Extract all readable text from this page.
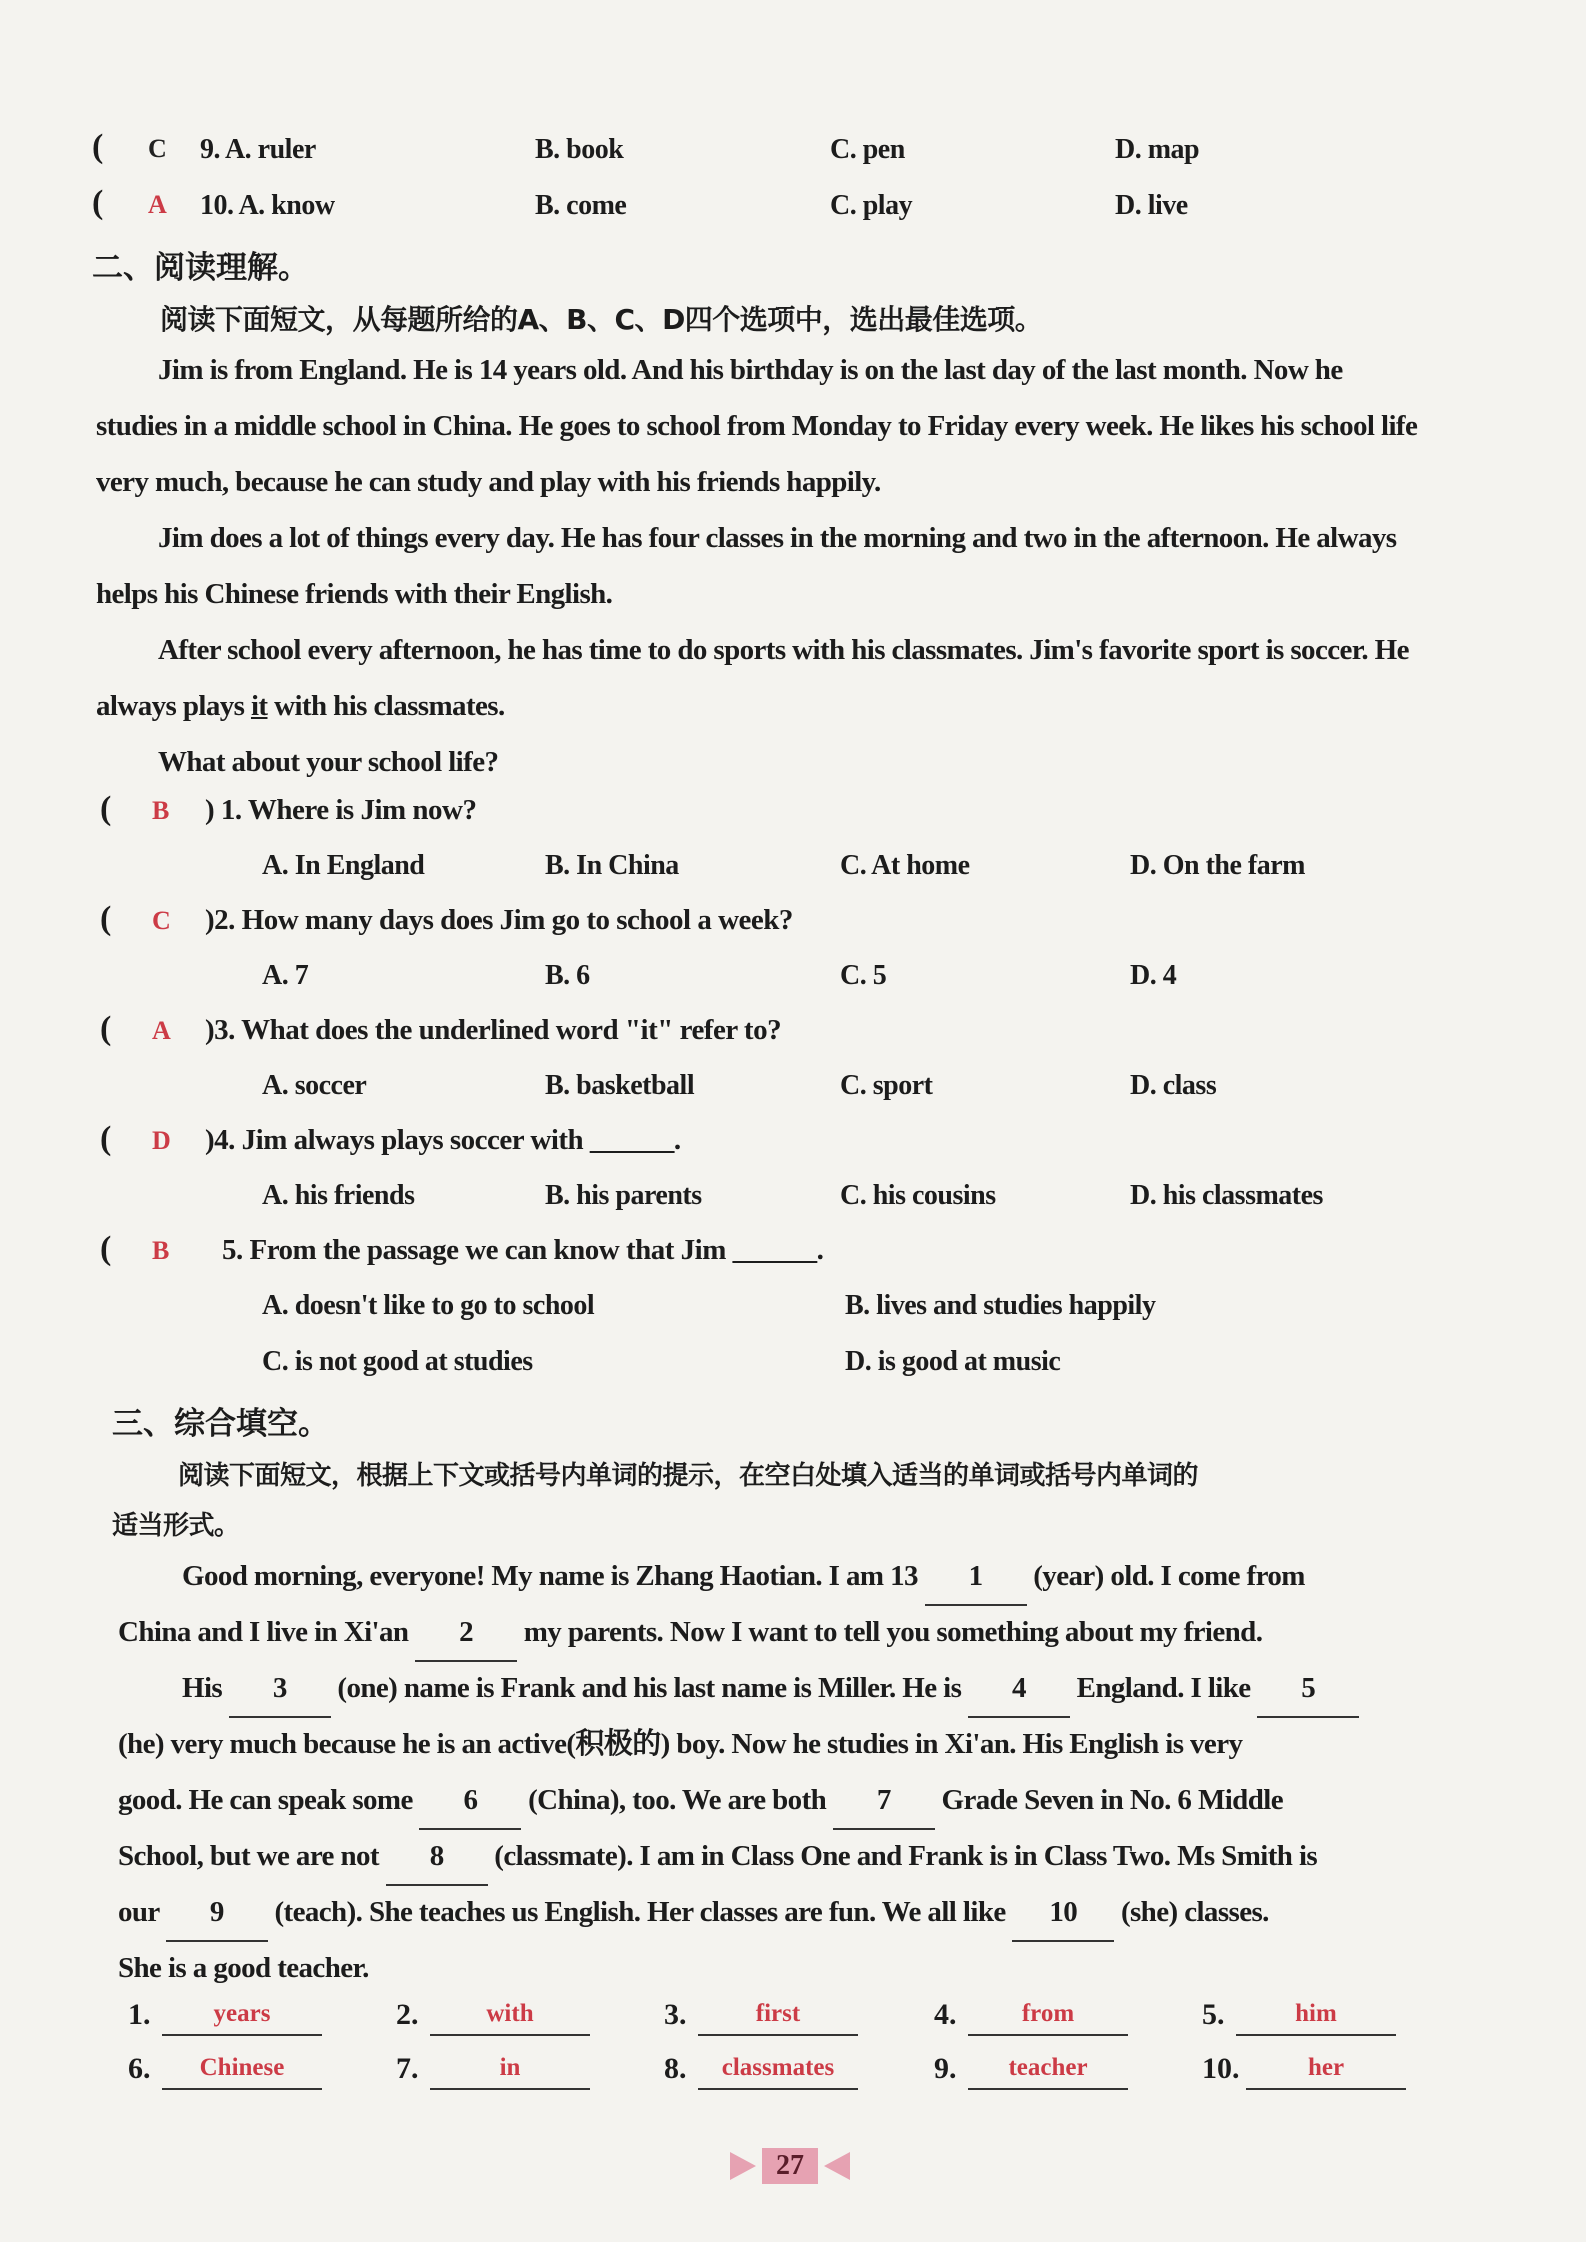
( C 9. A. ruler	B. book	C. pen	D. map
( A 10. A. know	B. come	C. play	D. live
二、阅读理解。
阅读下面短文，从每题所给的A、B、C、D四个选项中，选出最佳选项。
Jim is from England. He is 14 years old. And his birthday is on the last day of the last month. Now he studies in a middle school in China. He goes to school from Monday to Friday every week. He likes his school life very much, because he can study and play with his friends happily.
Jim does a lot of things every day. He has four classes in the morning and two in the afternoon. He always helps his Chinese friends with their English.
After school every afternoon, he has time to do sports with his classmates. Jim's favorite sport is soccer. He always plays it with his classmates.
What about your school life?
( B ) 1. Where is Jim now?
A. In England	B. In China	C. At home	D. On the farm
( C )2. How many days does Jim go to school a week?
A. 7	B. 6	C. 5	D. 4
( A )3. What does the underlined word "it" refer to?
A. soccer	B. basketball	C. sport	D. class
( D )4. Jim always plays soccer with ______.
A. his friends	B. his parents	C. his cousins	D. his classmates
( B 5. From the passage we can know that Jim ______.
A. doesn't like to go to school	B. lives and studies happily
C. is not good at studies	D. is good at music
三、综合填空。
阅读下面短文，根据上下文或括号内单词的提示，在空白处填入适当的单词或括号内单词的
适当形式。
Good morning, everyone! My name is Zhang Haotian. I am 13 1 (year) old. I come from
China and I live in Xi'an 2 my parents. Now I want to tell you something about my friend.
His 3 (one) name is Frank and his last name is Miller. He is 4 England. I like 5
(he) very much because he is an active(积极的) boy. Now he studies in Xi'an. His English is very
good. He can speak some 6 (China), too. We are both 7 Grade Seven in No. 6 Middle
School, but we are not 8 (classmate). I am in Class One and Frank is in Class Two. Ms Smith is
our 9 (teach). She teaches us English. Her classes are fun. We all like 10 (she) classes.
She is a good teacher.
1.	years	2.	with	3.	first	4.	from	5.	him
6.	Chinese	7.	in	8.	classmates	9.	teacher	10.	her
27
